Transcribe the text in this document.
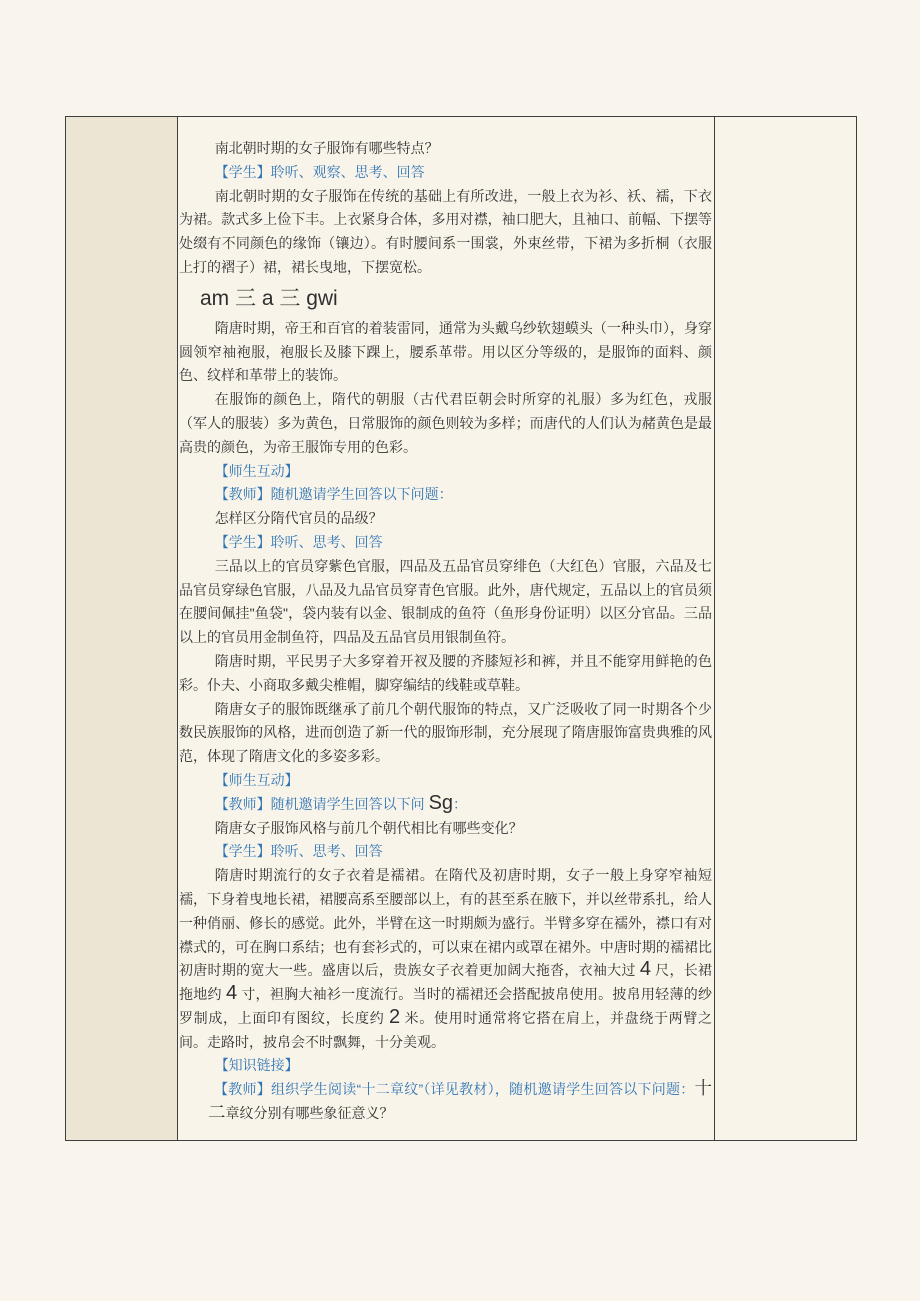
南北朝时期的女子服饰有哪些特点？

【学生】聆听、观察、思考、回答

南北朝时期的女子服饰在传统的基础上有所改进，一般上衣为衫、袄、襦，下衣为裙。款式多上俭下丰。上衣紧身合体，多用对襟，袖口肥大，且袖口、前幅、下摆等处缀有不同颜色的缘饰（镶边）。有时腰间系一围裳，外束丝带，下裙为多折桐（衣服上打的褶子）裙，裙长曳地，下摆宽松。

am 三 a 三 gwi

隋唐时期，帝王和百官的着装雷同，通常为头戴乌纱软翅蟆头（一种头巾），身穿圆领窄袖袍服，袍服长及膝下踝上，腰系革带。用以区分等级的，是服饰的面料、颜色、纹样和革带上的装饰。

在服饰的颜色上，隋代的朝服（古代君臣朝会时所穿的礼服）多为红色，戎服（军人的服装）多为黄色，日常服饰的颜色则较为多样；而唐代的人们认为赭黄色是最高贵的颜色，为帝王服饰专用的色彩。

【师生互动】

【教师】随机邀请学生回答以下问题：

怎样区分隋代官员的品级？

【学生】聆听、思考、回答

三品以上的官员穿紫色官服，四品及五品官员穿绯色（大红色）官服，六品及七品官员穿绿色官服，八品及九品官员穿青色官服。此外，唐代规定，五品以上的官员须在腰间佩挂"鱼袋"，袋内装有以金、银制成的鱼符（鱼形身份证明）以区分官品。三品以上的官员用金制鱼符，四品及五品官员用银制鱼符。

隋唐时期，平民男子大多穿着开衩及腰的齐膝短衫和裤，并且不能穿用鲜艳的色彩。仆夫、小商取多戴尖椎帽，脚穿编结的线鞋或草鞋。

隋唐女子的服饰既继承了前几个朝代服饰的特点，又广泛吸收了同一时期各个少数民族服饰的风格，进而创造了新一代的服饰形制，充分展现了隋唐服饰富贵典雅的风范，体现了隋唐文化的多姿多彩。

【师生互动】

【教师】随机邀请学生回答以下问 Sg：

隋唐女子服饰风格与前几个朝代相比有哪些变化？

【学生】聆听、思考、回答

隋唐时期流行的女子衣着是襦裙。在隋代及初唐时期，女子一般上身穿窄袖短襦，下身着曳地长裙，裙腰高系至腰部以上，有的甚至系在腋下，并以丝带系扎，给人一种俏丽、修长的感觉。此外，半臂在这一时期颇为盛行。半臂多穿在襦外，襟口有对襟式的，可在胸口系结；也有套衫式的，可以束在裙内或罩在裙外。中唐时期的襦裙比初唐时期的宽大一些。盛唐以后，贵族女子衣着更加阔大拖沓，衣袖大过 4 尺，长裙拖地约 4 寸，袒胸大袖衫一度流行。当时的襦裙还会搭配披帛使用。披帛用轻薄的纱罗制成，上面印有图纹，长度约 2 米。使用时通常将它搭在肩上，并盘绕于两臂之间。走路时，披帛会不时飘舞，十分美观。

【知识链接】

【教师】组织学生阅读“十二章纹”（详见教材），随机邀请学生回答以下问题：十二章纹分别有哪些象征意义？
